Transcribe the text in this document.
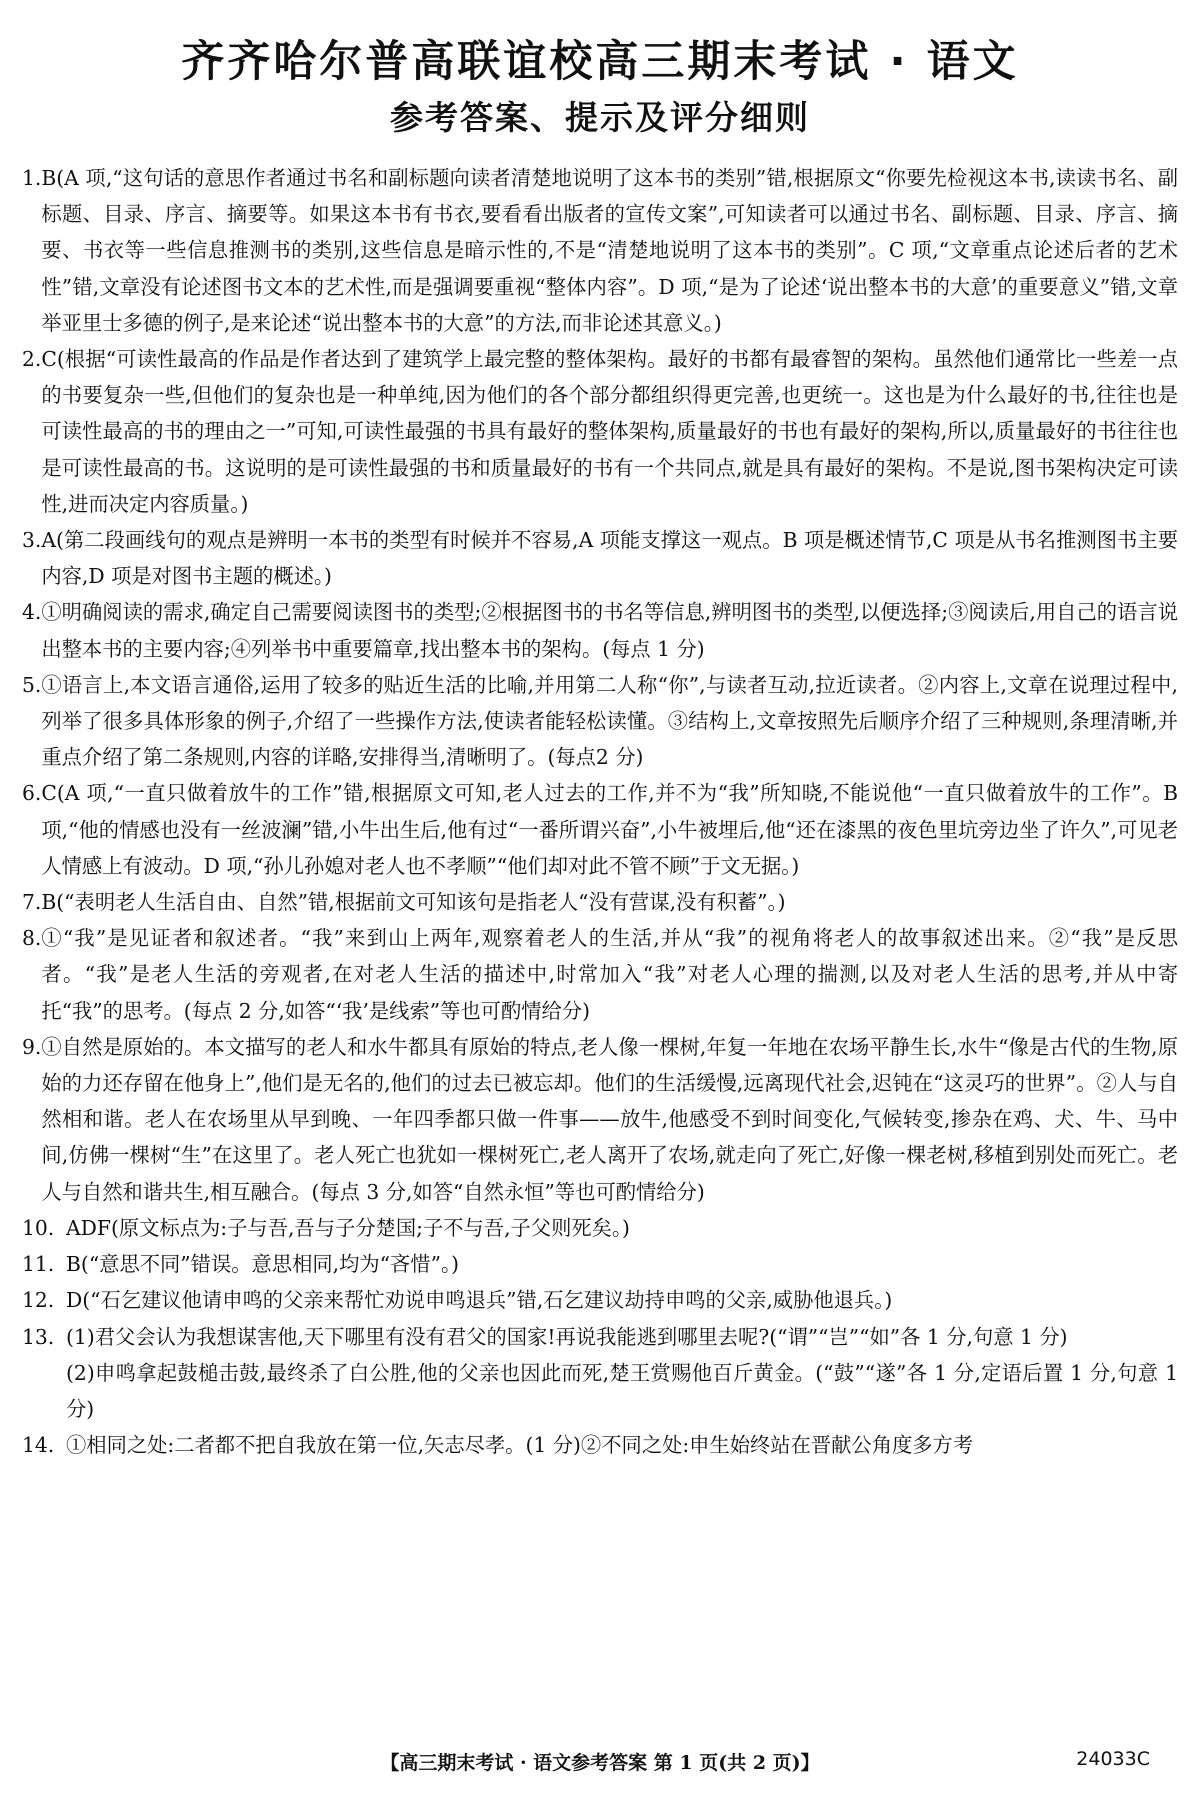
齐齐哈尔普高联谊校高三期末考试 · 语文
参考答案、提示及评分细则
1. B(A 项,“这句话的意思作者通过书名和副标题向读者清楚地说明了这本书的类别”错,根据原文“你要先检视这本书,读读书名、副标题、目录、序言、摘要等。如果这本书有书衣,要看看出版者的宣传文案”,可知读者可以通过书名、副标题、目录、序言、摘要、书衣等一些信息推测书的类别,这些信息是暗示性的,不是“清楚地说明了这本书的类别”。C 项,“文章重点论述后者的艺术性”错,文章没有论述图书文本的艺术性,而是强调要重视“整体内容”。D 项,“是为了论述‘说出整本书的大意’的重要意义”错,文章举亚里士多德的例子,是来论述“说出整本书的大意”的方法,而非论述其意义。)

2. C(根据“可读性最高的作品是作者达到了建筑学上最完整的整体架构。最好的书都有最睿智的架构。虽然他们通常比一些差一点的书要复杂一些,但他们的复杂也是一种单纯,因为他们的各个部分都组织得更完善,也更统一。这也是为什么最好的书,往往也是可读性最高的书的理由之一”可知,可读性最强的书具有最好的整体架构,质量最好的书也有最好的架构,所以,质量最好的书往往也是可读性最高的书。这说明的是可读性最强的书和质量最好的书有一个共同点,就是具有最好的架构。不是说,图书架构决定可读性,进而决定内容质量。)

3. A(第二段画线句的观点是辨明一本书的类型有时候并不容易,A 项能支撑这一观点。B 项是概述情节,C 项是从书名推测图书主要内容,D 项是对图书主题的概述。)

4. ①明确阅读的需求,确定自己需要阅读图书的类型;②根据图书的书名等信息,辨明图书的类型,以便选择;③阅读后,用自己的语言说出整本书的主要内容;④列举书中重要篇章,找出整本书的架构。(每点 1 分)

5. ①语言上,本文语言通俗,运用了较多的贴近生活的比喻,并用第二人称“你”,与读者互动,拉近读者。②内容上,文章在说理过程中,列举了很多具体形象的例子,介绍了一些操作方法,使读者能轻松读懂。③结构上,文章按照先后顺序介绍了三种规则,条理清晰,并重点介绍了第二条规则,内容的详略,安排得当,清晰明了。(每点2 分)

6. C(A 项,“一直只做着放牛的工作”错,根据原文可知,老人过去的工作,并不为“我”所知晓,不能说他“一直只做着放牛的工作”。B 项,“他的情感也没有一丝波澜”错,小牛出生后,他有过“一番所谓兴奋”,小牛被埋后,他“还在漆黑的夜色里坑旁边坐了许久”,可见老人情感上有波动。D 项,“孙儿孙媳对老人也不孝顺”“他们却对此不管不顾”于文无据。)

7. B(“表明老人生活自由、自然”错,根据前文可知该句是指老人“没有营谋,没有积蓄”。)

8. ①“我”是见证者和叙述者。“我”来到山上两年,观察着老人的生活,并从“我”的视角将老人的故事叙述出来。②“我”是反思者。“我”是老人生活的旁观者,在对老人生活的描述中,时常加入“我”对老人心理的揣测,以及对老人生活的思考,并从中寄托“我”的思考。(每点 2 分,如答“‘我’是线索”等也可酌情给分)

9. ①自然是原始的。本文描写的老人和水牛都具有原始的特点,老人像一棵树,年复一年地在农场平静生长,水牛“像是古代的生物,原始的力还存留在他身上”,他们是无名的,他们的过去已被忘却。他们的生活缓慢,远离现代社会,迟钝在“这灵巧的世界”。②人与自然相和谐。老人在农场里从早到晚、一年四季都只做一件事——放牛,他感受不到时间变化,气候转变,掺杂在鸡、犬、牛、马中间,仿佛一棵树“生”在这里了。老人死亡也犹如一棵树死亡,老人离开了农场,就走向了死亡,好像一棵老树,移植到别处而死亡。老人与自然和谐共生,相互融合。(每点 3 分,如答“自然永恒”等也可酌情给分)

10. ADF(原文标点为:子与吾,吾与子分楚国;子不与吾,子父则死矣。)

11. B(“意思不同”错误。意思相同,均为“吝惜”。)

12. D(“石乞建议他请申鸣的父亲来帮忙劝说申鸣退兵”错,石乞建议劫持申鸣的父亲,威胁他退兵。)

13. (1)君父会认为我想谋害他,天下哪里有没有君父的国家!再说我能逃到哪里去呢?(“谓”“岂”“如”各 1 分,句意 1 分)

(2)申鸣拿起鼓槌击鼓,最终杀了白公胜,他的父亲也因此而死,楚王赏赐他百斤黄金。(“鼓”“遂”各 1 分,定语后置 1 分,句意 1 分)

14. ①相同之处:二者都不把自我放在第一位,矢志尽孝。(1 分)②不同之处:申生始终站在晋献公角度多方考

【高三期末考试 · 语文参考答案 第 1 页(共 2 页)】	24033C
